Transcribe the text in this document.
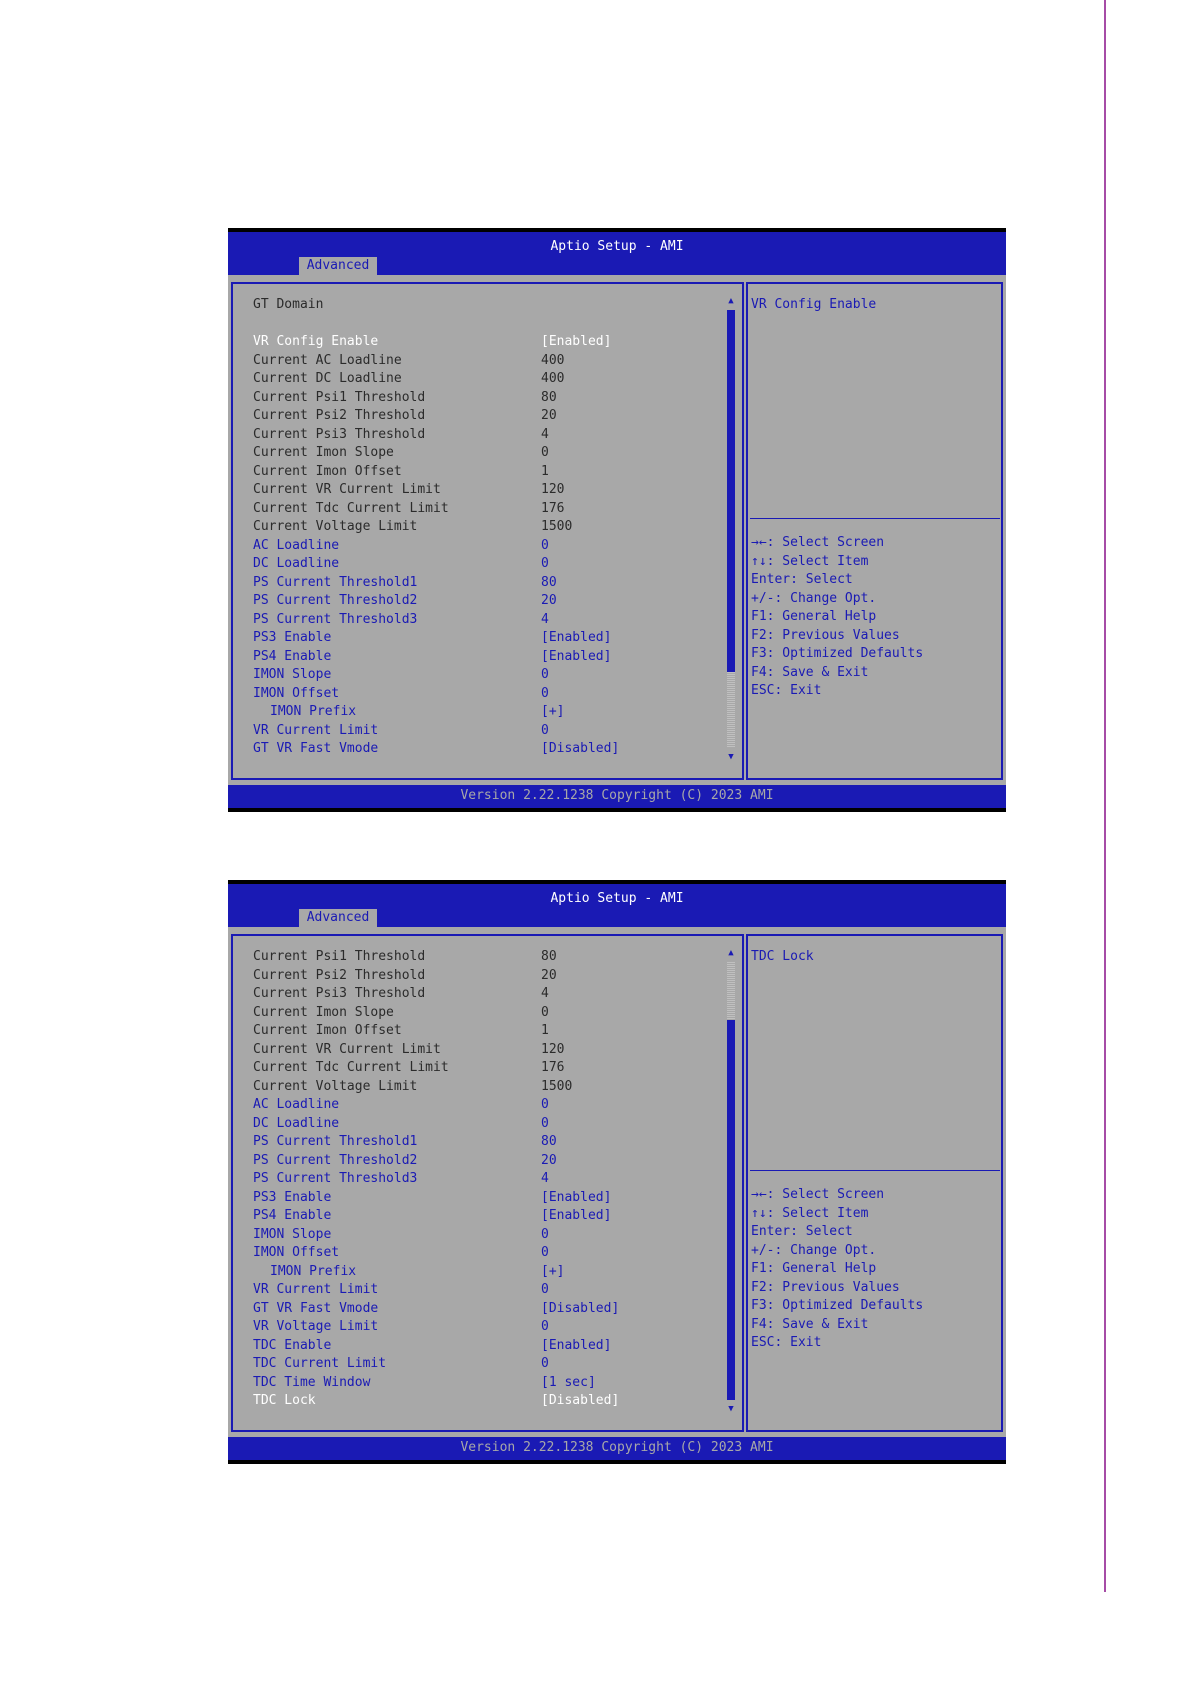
Aptio Setup - AMI
Advanced
GT Domain
VR Config Enable	[Enabled]
Current AC Loadline	400
Current DC Loadline	400
Current Psi1 Threshold	80
Current Psi2 Threshold	20
Current Psi3 Threshold	4
Current Imon Slope	0
Current Imon Offset	1
Current VR Current Limit	120
Current Tdc Current Limit	176
Current Voltage Limit	1500
AC Loadline	0
DC Loadline	0
PS Current Threshold1	80
PS Current Threshold2	20
PS Current Threshold3	4
PS3 Enable	[Enabled]
PS4 Enable	[Enabled]
IMON Slope	0
IMON Offset	0
IMON Prefix	[+]
VR Current Limit	0
GT VR Fast Vmode	[Disabled]
▲
▼
VR Config Enable
→←: Select Screen
↑↓: Select Item
Enter: Select
+/-: Change Opt.
F1: General Help
F2: Previous Values
F3: Optimized Defaults
F4: Save & Exit
ESC: Exit
Version 2.22.1238 Copyright (C) 2023 AMI
Aptio Setup - AMI
Advanced
Current Psi1 Threshold	80
Current Psi2 Threshold	20
Current Psi3 Threshold	4
Current Imon Slope	0
Current Imon Offset	1
Current VR Current Limit	120
Current Tdc Current Limit	176
Current Voltage Limit	1500
AC Loadline	0
DC Loadline	0
PS Current Threshold1	80
PS Current Threshold2	20
PS Current Threshold3	4
PS3 Enable	[Enabled]
PS4 Enable	[Enabled]
IMON Slope	0
IMON Offset	0
IMON Prefix	[+]
VR Current Limit	0
GT VR Fast Vmode	[Disabled]
VR Voltage Limit	0
TDC Enable	[Enabled]
TDC Current Limit	0
TDC Time Window	[1 sec]
TDC Lock	[Disabled]
▲
▼
TDC Lock
→←: Select Screen
↑↓: Select Item
Enter: Select
+/-: Change Opt.
F1: General Help
F2: Previous Values
F3: Optimized Defaults
F4: Save & Exit
ESC: Exit
Version 2.22.1238 Copyright (C) 2023 AMI
